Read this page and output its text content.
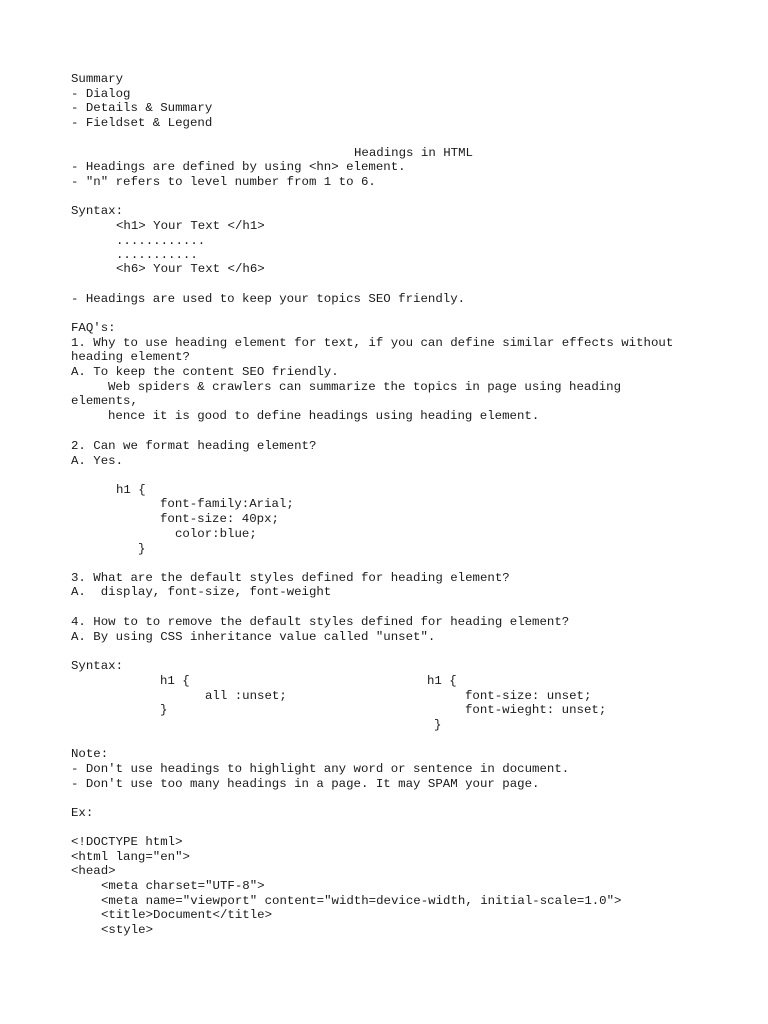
Summary
- Dialog
- Details & Summary
- Fieldset & Legend
Headings in HTML
- Headings are defined by using <hn> element.
- "n" refers to level number from 1 to 6.
Syntax:
<h1> Your Text </h1>
............
...........
<h6> Your Text </h6>
- Headings are used to keep your topics SEO friendly.
FAQ's:
1. Why to use heading element for text, if you can define similar effects without
heading element?
A. To keep the content SEO friendly.
Web spiders & crawlers can summarize the topics in page using heading
elements,
hence it is good to define headings using heading element.
2. Can we format heading element?
A. Yes.
h1 {
font-family:Arial;
font-size: 40px;
color:blue;
}
3. What are the default styles defined for heading element?
A.  display, font-size, font-weight
4. How to to remove the default styles defined for heading element?
A. By using CSS inheritance value called "unset".
Syntax:
h1 {	h1 {
all :unset;	font-size: unset;
}	font-wieght: unset;
}
Note:
- Don't use headings to highlight any word or sentence in document.
- Don't use too many headings in a page. It may SPAM your page.
Ex:
<!DOCTYPE html>
<html lang="en">
<head>
<meta charset="UTF-8">
<meta name="viewport" content="width=device-width, initial-scale=1.0">
<title>Document</title>
<style>
